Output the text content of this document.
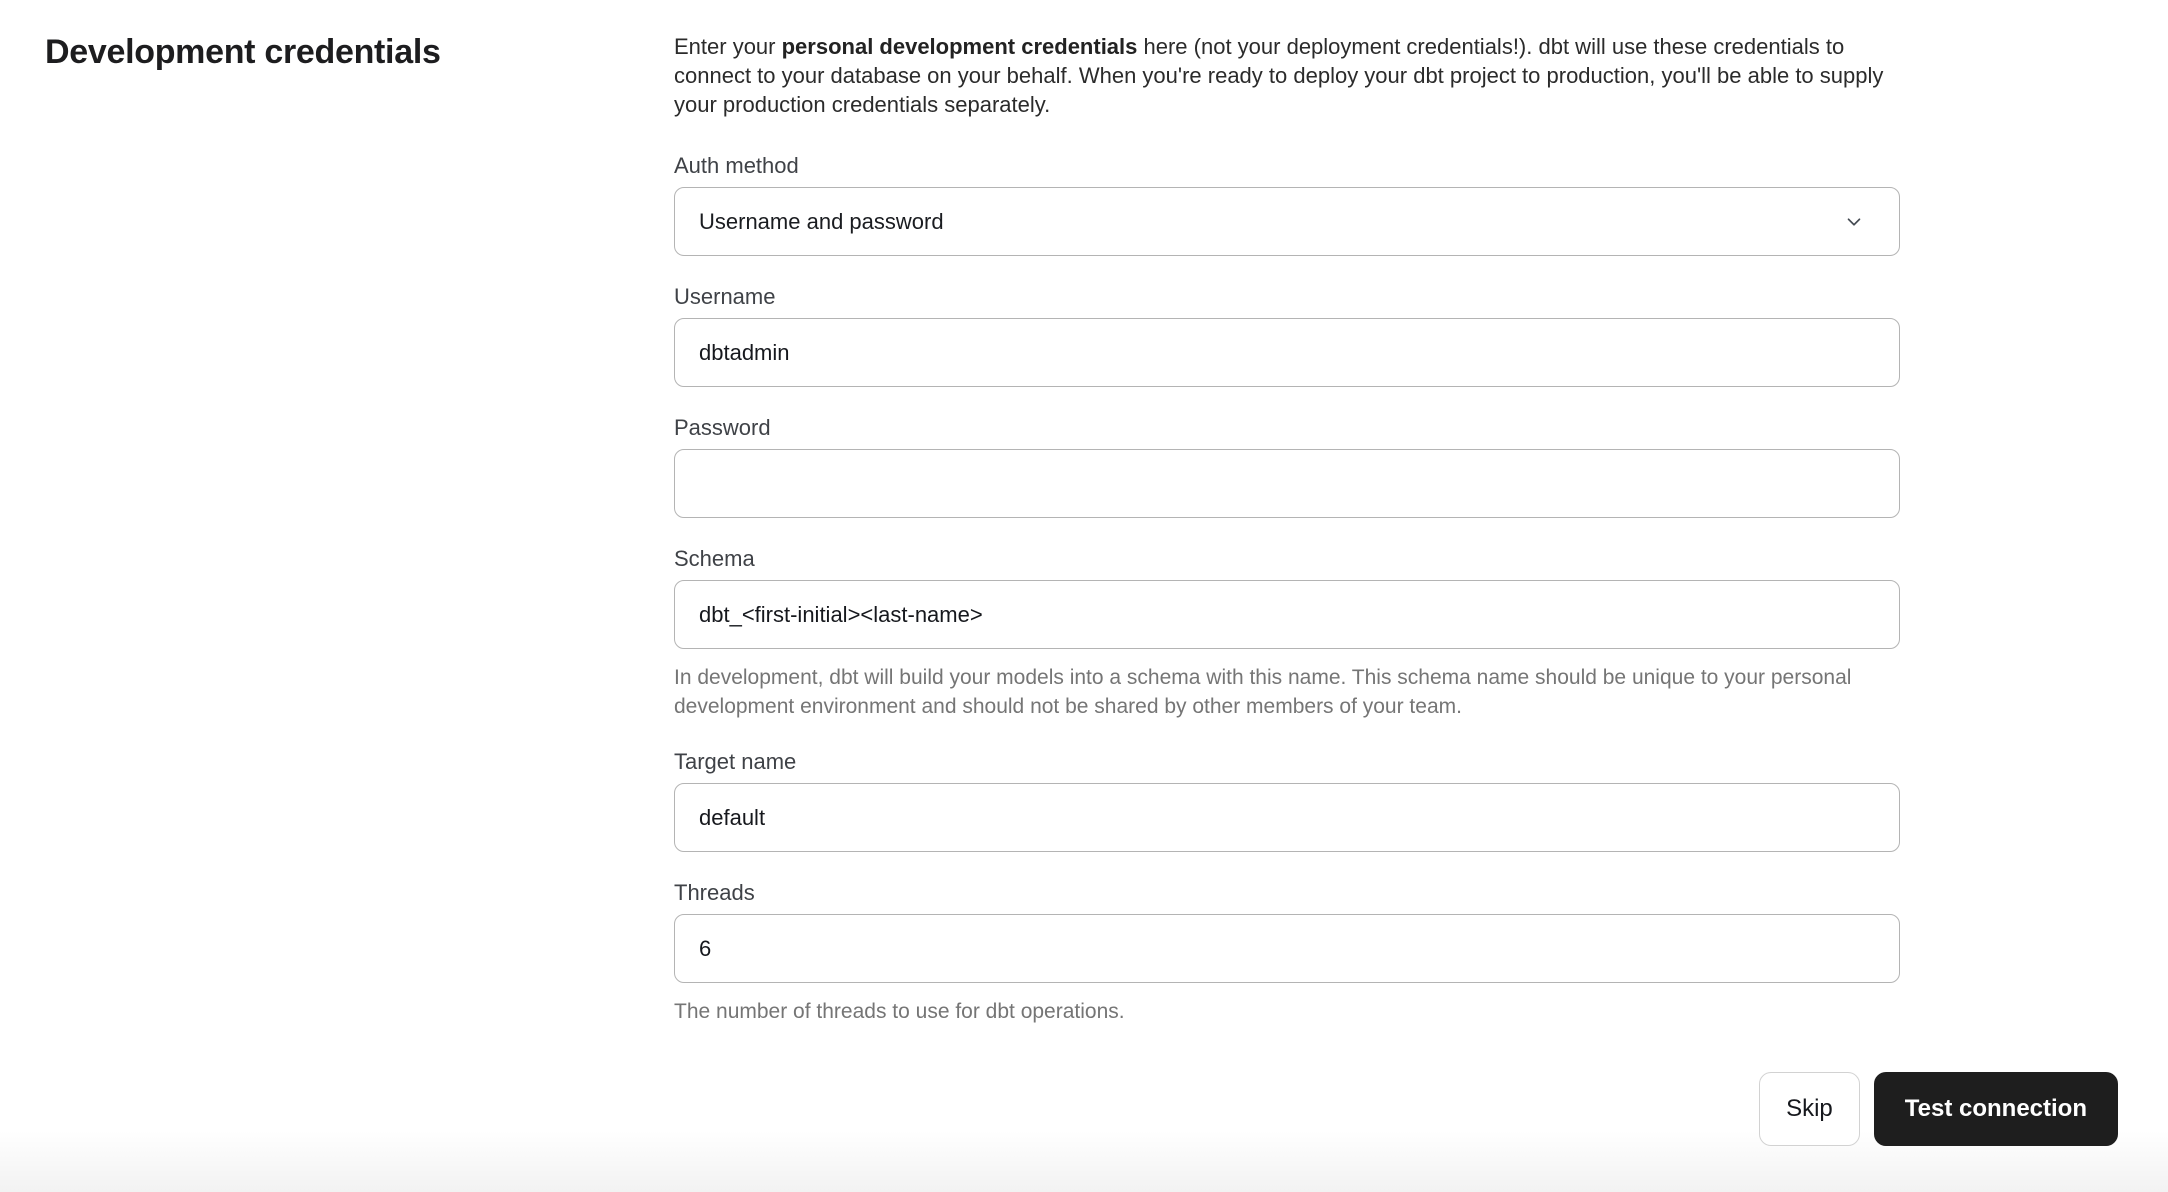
Development credentials	Enter your personal development credentials here (not your deployment credentials!). dbt will use these credentials to connect to your database on your behalf. When you're ready to deploy your dbt project to production, you'll be able to supply your production credentials separately.

Auth method
Username and password
Username
dbtadmin
Password
Schema
dbt_<first-initial><last-name>
In development, dbt will build your models into a schema with this name. This schema name should be unique to your personal development environment and should not be shared by other members of your team.
Target name
default
Threads
6
The number of threads to use for dbt operations.
Skip	Test connection
